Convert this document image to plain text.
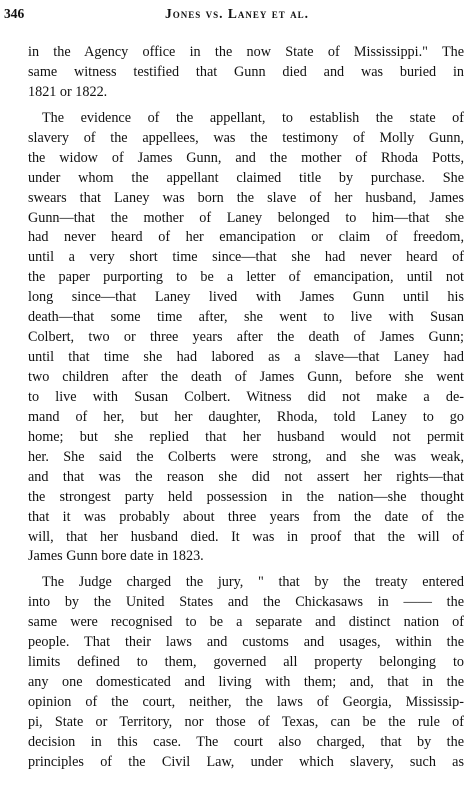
346	Jones vs. Laney et al.
in the Agency office in the now State of Mississippi." The
same witness testified that Gunn died and was buried in
1821 or 1822.
The evidence of the appellant, to establish the state of
slavery of the appellees, was the testimony of Molly Gunn,
the widow of James Gunn, and the mother of Rhoda Potts,
under whom the appellant claimed title by purchase. She
swears that Laney was born the slave of her husband, James
Gunn—that the mother of Laney belonged to him—that she
had never heard of her emancipation or claim of freedom,
until a very short time since—that she had never heard of
the paper purporting to be a letter of emancipation, until not
long since—that Laney lived with James Gunn until his
death—that some time after, she went to live with Susan
Colbert, two or three years after the death of James Gunn;
until that time she had labored as a slave—that Laney had
two children after the death of James Gunn, before she went
to live with Susan Colbert. Witness did not make a de-
mand of her, but her daughter, Rhoda, told Laney to go
home; but she replied that her husband would not permit
her. She said the Colberts were strong, and she was weak,
and that was the reason she did not assert her rights—that
the strongest party held possession in the nation—she thought
that it was probably about three years from the date of the
will, that her husband died. It was in proof that the will of
James Gunn bore date in 1823.
The Judge charged the jury, " that by the treaty entered
into by the United States and the Chickasaws in —— the
same were recognised to be a separate and distinct nation of
people. That their laws and customs and usages, within the
limits defined to them, governed all property belonging to
any one domesticated and living with them; and, that in the
opinion of the court, neither, the laws of Georgia, Mississip-
pi, State or Territory, nor those of Texas, can be the rule of
decision in this case. The court also charged, that by the
principles of the Civil Law, under which slavery, such as
